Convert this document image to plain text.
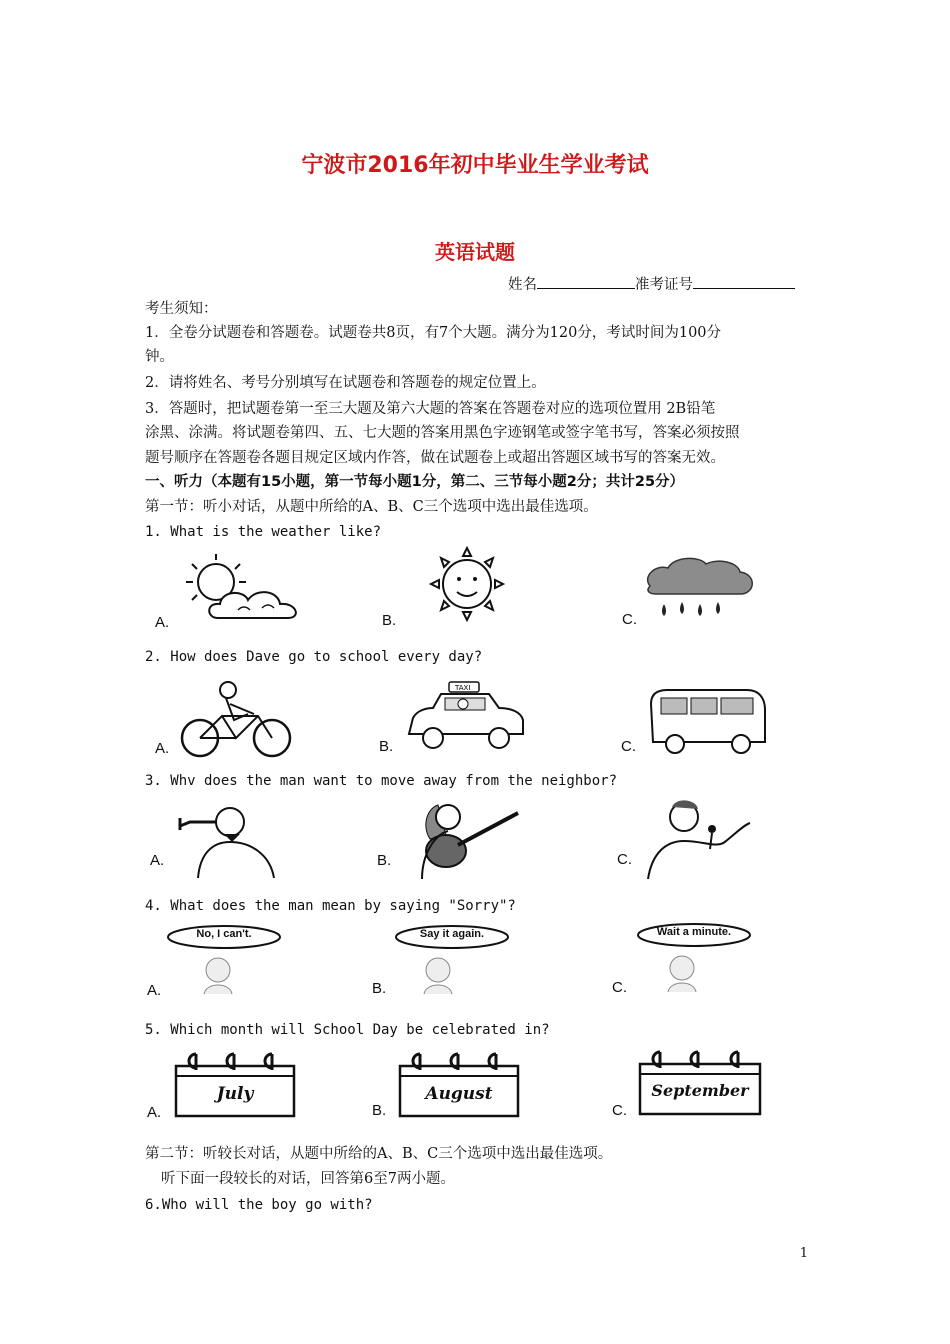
宁波市2016年初中毕业生学业考试
英语试题
姓名	准考证号
考生须知：
1．全卷分试题卷和答题卷。试题卷共8页，有7个大题。满分为120分，考试时间为100分
钟。
2．请将姓名、考号分别填写在试题卷和答题卷的规定位置上。
3．答题时，把试题卷第一至三大题及第六大题的答案在答题卷对应的选项位置用 2B铅笔
涂黑、涂满。将试题卷第四、五、七大题的答案用黑色字迹钢笔或签字笔书写，答案必须按照
题号顺序在答题卷各题目规定区域内作答，做在试题卷上或超出答题区域书写的答案无效。
一、听力（本题有15小题，第一节每小题1分，第二、三节每小题2分；共计25分）
第一节：听小对话，从题中所给的A、B、C三个选项中选出最佳选项。
1. What is the weather like?
A.	B.	C.
2. How does Dave go to school every day?
A.	B.	C.
TAXI
3. Whv does the man want to move away from the neighbor?
A.	B.	C.
4. What does the man mean by saying "Sorry"?
A.	B.	C.
No, I can't.	Say it again.	Wait a minute.
5. Which month will School Day be celebrated in?
A.	B.	C.
July	August	September
第二节：听较长对话，从题中所给的A、B、C三个选项中选出最佳选项。
听下面一段较长的对话，回答第6至7两小题。
6.Who will the boy go with?
1
